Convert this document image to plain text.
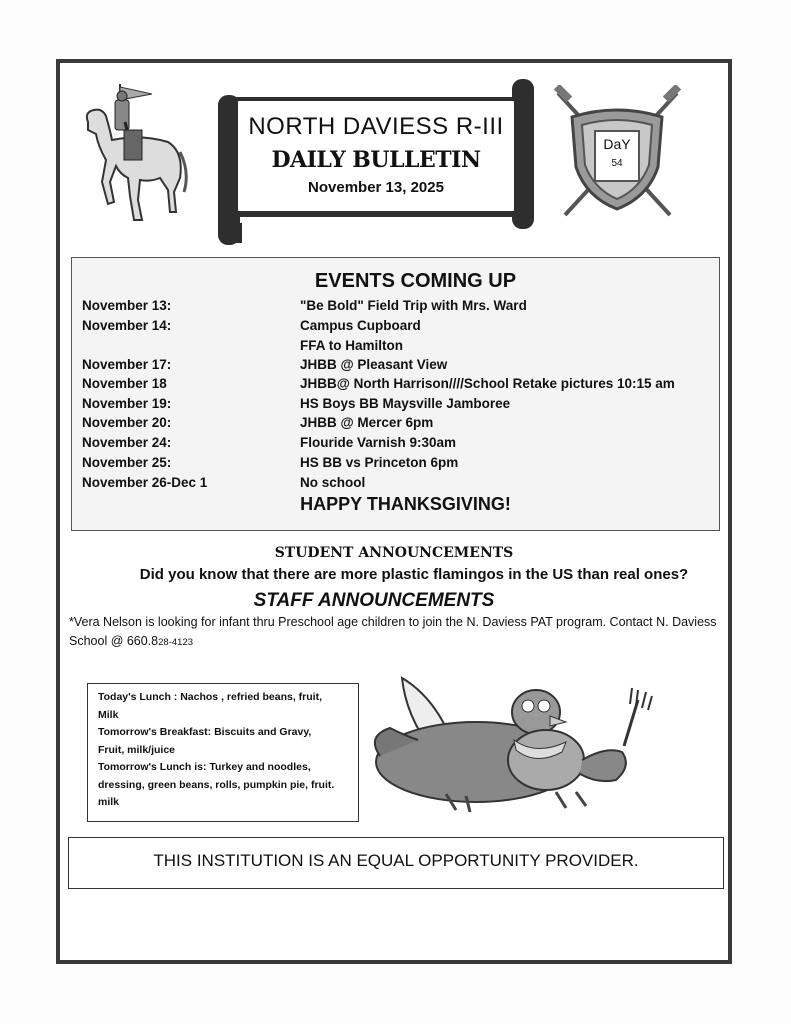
NORTH DAVIESS R-III
DAILY BULLETIN
November 13, 2025
DaY
54
EVENTS COMING UP
November 13:	"Be Bold" Field Trip with Mrs. Ward
November 14:	Campus Cupboard
FFA to Hamilton
November 17:	JHBB @ Pleasant View
November 18	JHBB@ North Harrison////School Retake pictures 10:15 am
November 19:	HS Boys BB Maysville Jamboree
November 20:	JHBB @ Mercer 6pm
November 24:	Flouride Varnish 9:30am
November 25:	HS BB vs Princeton 6pm
November 26-Dec 1	No school
HAPPY THANKSGIVING!
STUDENT ANNOUNCEMENTS
Did you know that there are more plastic flamingos in the US than real ones?
STAFF ANNOUNCEMENTS
*Vera Nelson is looking for infant thru Preschool age children to join the N. Daviess PAT program. Contact N. Daviess School @ 660.828-4123
Today's Lunch : Nachos , refried beans, fruit,
Milk
Tomorrow's Breakfast: Biscuits and Gravy,
Fruit, milk/juice
Tomorrow's Lunch is: Turkey and noodles,
dressing, green beans, rolls, pumpkin pie, fruit.
milk
THIS INSTITUTION IS AN EQUAL OPPORTUNITY PROVIDER.
